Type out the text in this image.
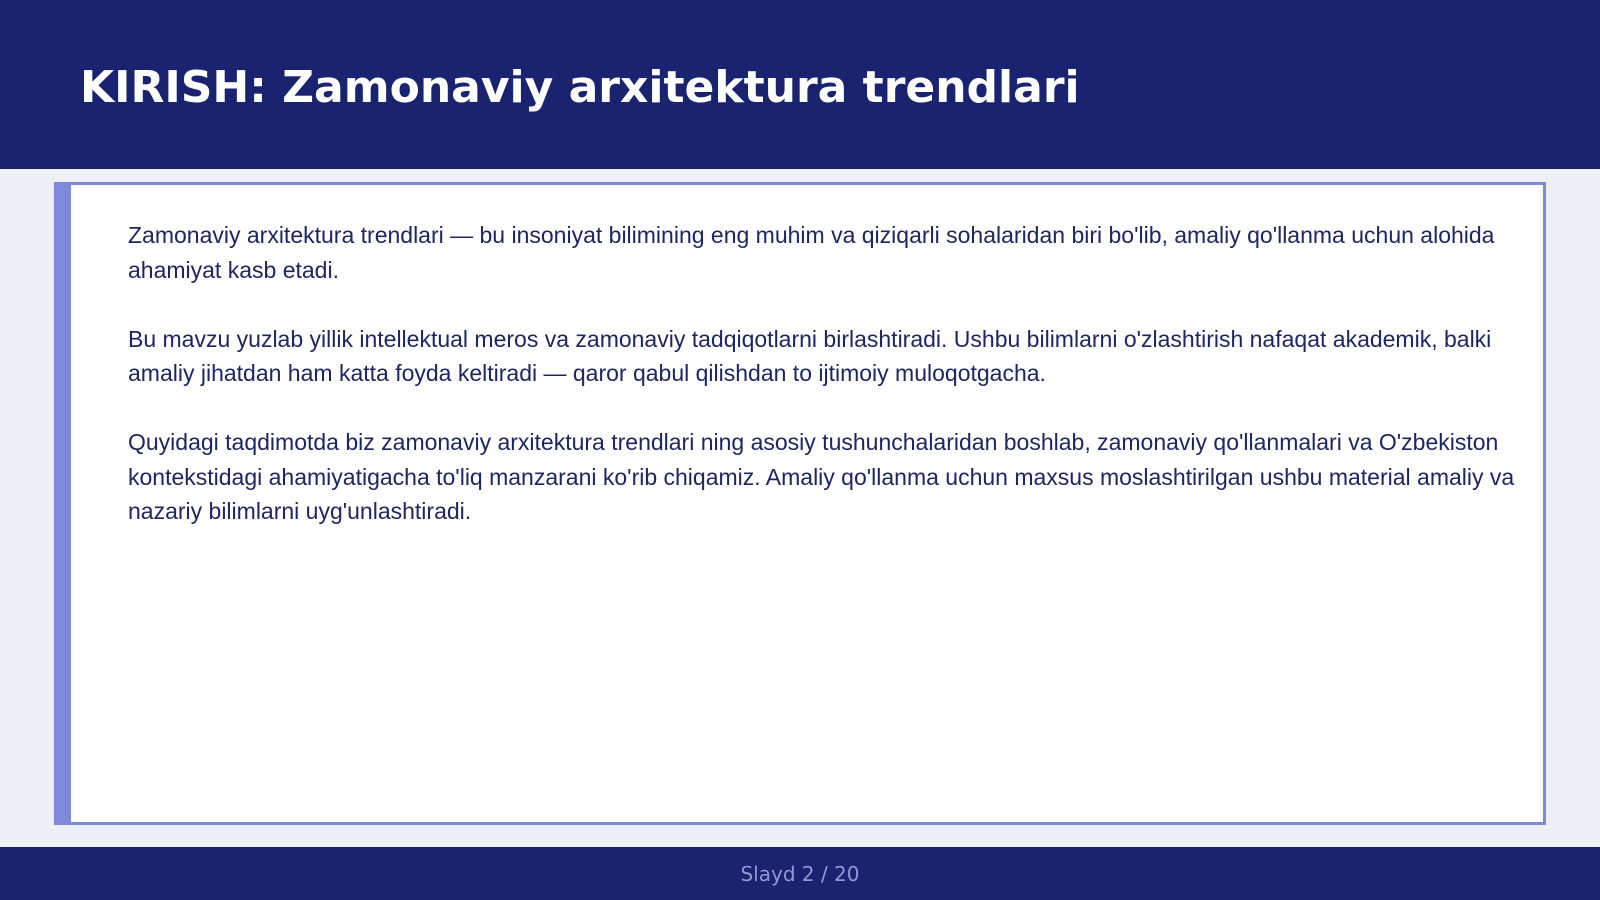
KIRISH: Zamonaviy arxitektura trendlari

Zamonaviy arxitektura trendlari — bu insoniyat bilimining eng muhim va qiziqarli sohalaridan biri bo'lib, amaliy qo'llanma uchun alohida ahamiyat kasb etadi.

Bu mavzu yuzlab yillik intellektual meros va zamonaviy tadqiqotlarni birlashtiradi. Ushbu bilimlarni o'zlashtirish nafaqat akademik, balki amaliy jihatdan ham katta foyda keltiradi — qaror qabul qilishdan to ijtimoiy muloqotgacha.

Quyidagi taqdimotda biz zamonaviy arxitektura trendlari ning asosiy tushunchalaridan boshlab, zamonaviy qo'llanmalari va O'zbekiston kontekstidagi ahamiyatigacha to'liq manzarani ko'rib chiqamiz. Amaliy qo'llanma uchun maxsus moslashtirilgan ushbu material amaliy va nazariy bilimlarni uyg'unlashtiradi.

Slayd 2 / 20
